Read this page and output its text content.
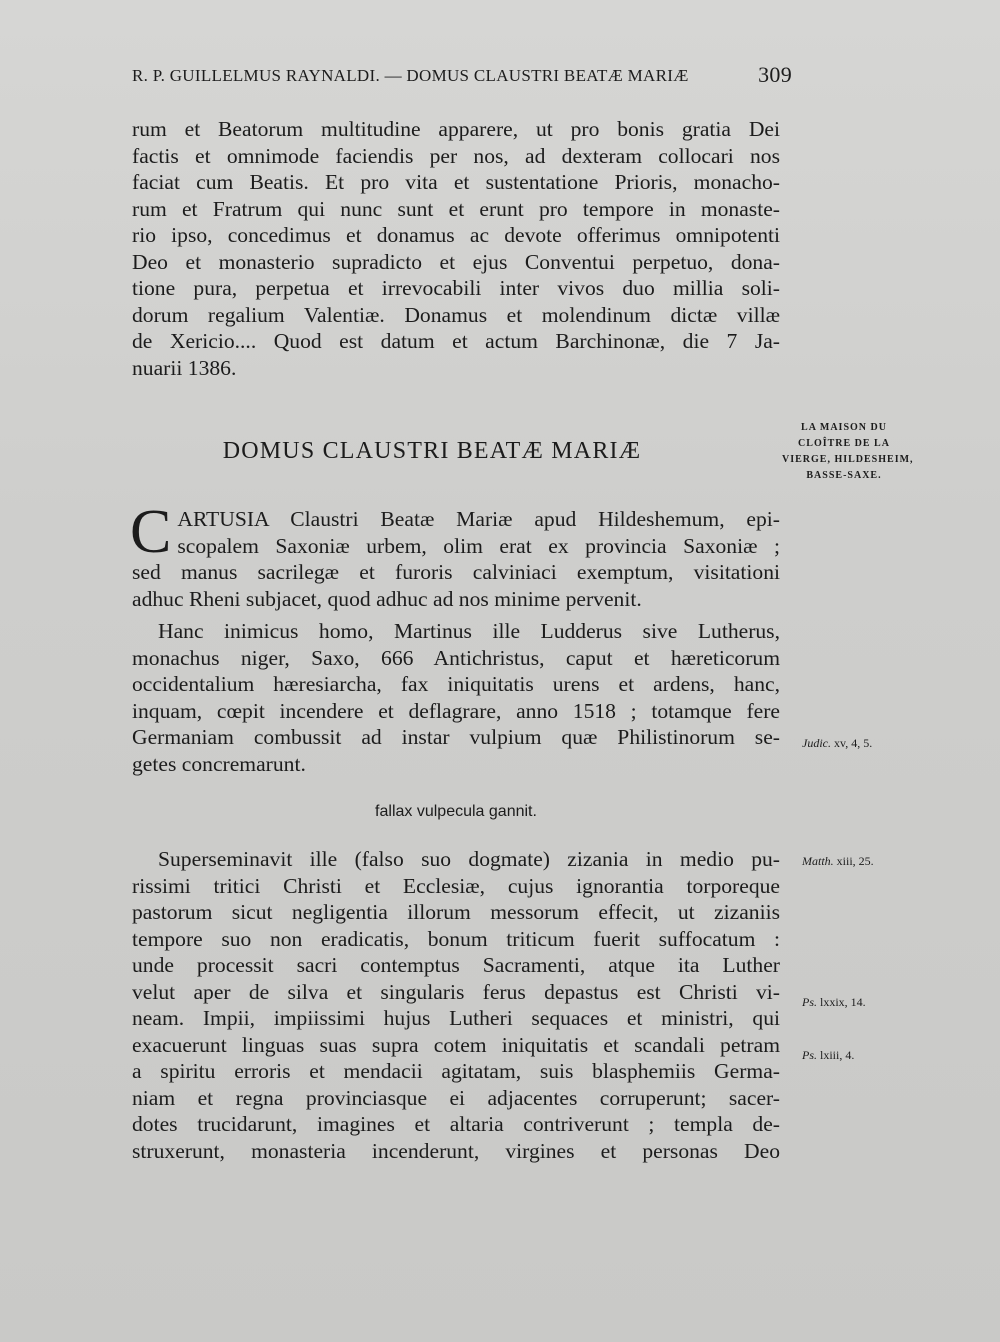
R. P. GUILLELMUS RAYNALDI. — DOMUS CLAUSTRI BEATÆ MARIÆ	309
rum et Beatorum multitudine apparere, ut pro bonis gratia Dei
factis et omnimode faciendis per nos, ad dexteram collocari nos
faciat cum Beatis. Et pro vita et sustentatione Prioris, monacho-
rum et Fratrum qui nunc sunt et erunt pro tempore in monaste-
rio ipso, concedimus et donamus ac devote offerimus omnipotenti
Deo et monasterio supradicto et ejus Conventui perpetuo, dona-
tione pura, perpetua et irrevocabili inter vivos duo millia soli-
dorum regalium Valentiæ. Donamus et molendinum dictæ villæ
de Xericio.... Quod est datum et actum Barchinonæ, die 7 Ja-
nuarii 1386.
DOMUS CLAUSTRI BEATÆ MARIÆ
LA MAISON DU
CLOÎTRE DE LA
VIERGE, HILDESHEIM,
BASSE-SAXE.
C ARTUSIA Claustri Beatæ Mariæ apud Hildeshemum, epi-
scopalem Saxoniæ urbem, olim erat ex provincia Saxoniæ ;
sed manus sacrilegæ et furoris calviniaci exemptum, visitationi
adhuc Rheni subjacet, quod adhuc ad nos minime pervenit.
Hanc inimicus homo, Martinus ille Ludderus sive Lutherus,
monachus niger, Saxo, 666 Antichristus, caput et hæreticorum
occidentalium hæresiarcha, fax iniquitatis urens et ardens, hanc,
inquam, cœpit incendere et deflagrare, anno 1518 ; totamque fere
Germaniam combussit ad instar vulpium quæ Philistinorum se-
getes concremarunt.
fallax vulpecula gannit.
Superseminavit ille (falso suo dogmate) zizania in medio pu-
rissimi tritici Christi et Ecclesiæ, cujus ignorantia torporeque
pastorum sicut negligentia illorum messorum effecit, ut zizaniis
tempore suo non eradicatis, bonum triticum fuerit suffocatum :
unde processit sacri contemptus Sacramenti, atque ita Luther
velut aper de silva et singularis ferus depastus est Christi vi-
neam. Impii, impiissimi hujus Lutheri sequaces et ministri, qui
exacuerunt linguas suas supra cotem iniquitatis et scandali petram
a spiritu erroris et mendacii agitatam, suis blasphemiis Germa-
niam et regna provinciasque ei adjacentes corruperunt; sacer-
dotes trucidarunt, imagines et altaria contriverunt ; templa de-
struxerunt, monasteria incenderunt, virgines et personas Deo
Judic. xv, 4, 5.
Matth. xiii, 25.
Ps. lxxix, 14.
Ps. lxiii, 4.
